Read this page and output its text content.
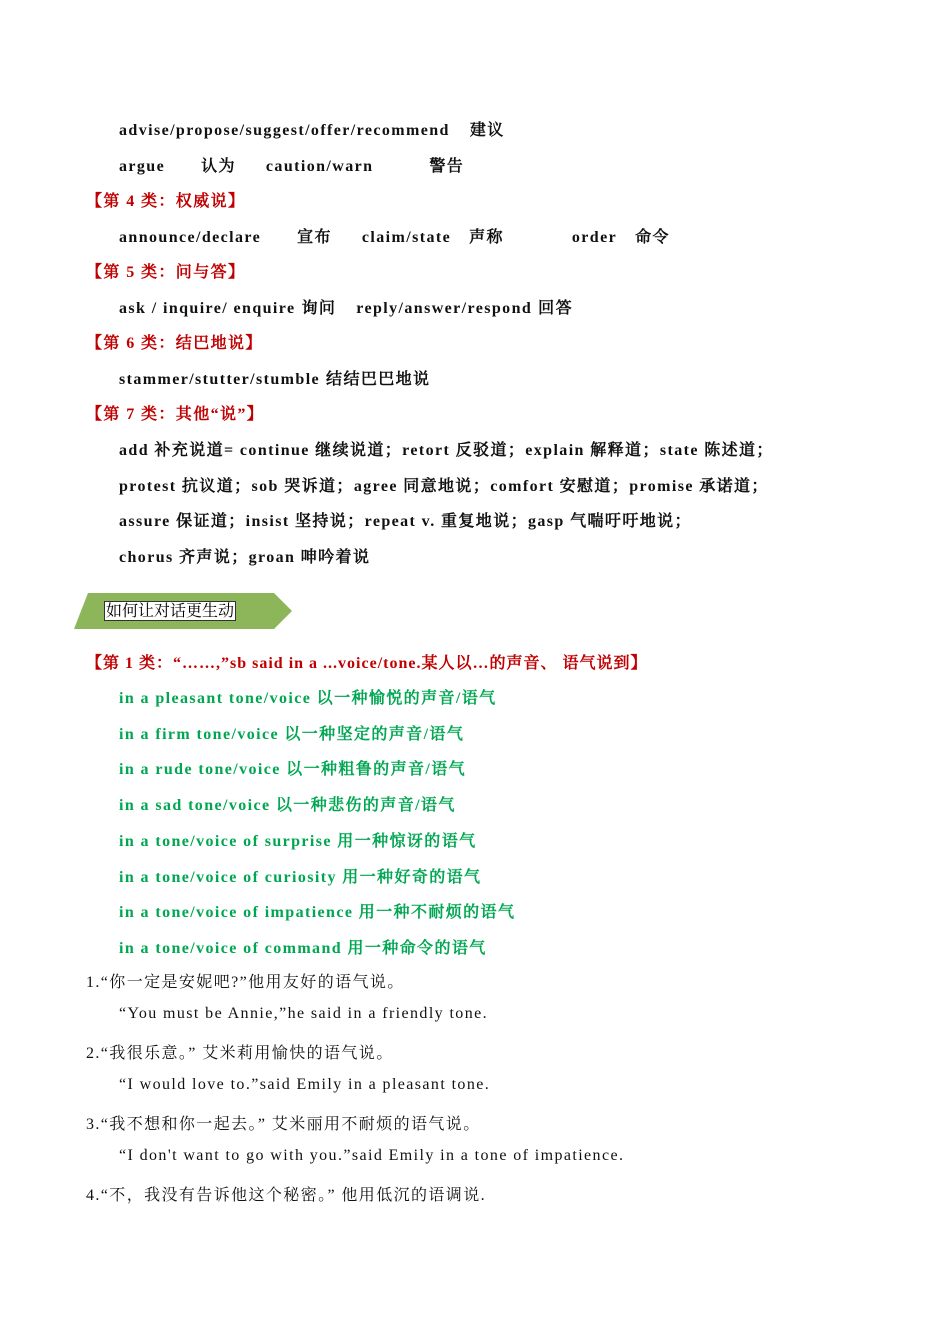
advise/propose/suggest/offer/recommend 建议
argue 认为 caution/warn	警告
【第 4 类：权威说】
announce/declare 宣布 claim/state 声称	order 命令
【第 5 类：问与答】
ask / inquire/ enquire 询问 reply/answer/respond 回答
【第 6 类：结巴地说】
stammer/stutter/stumble 结结巴巴地说
【第 7 类：其他“说”】
add 补充说道= continue 继续说道；retort 反驳道；explain 解释道；state 陈述道；
protest 抗议道；sob 哭诉道；agree 同意地说；comfort 安慰道；promise 承诺道；
assure 保证道；insist 坚持说；repeat v. 重复地说；gasp 气喘吁吁地说；
chorus 齐声说；groan 呻吟着说
如何让对话更生动
【第 1 类：“……,”sb said in a ...voice/tone.某人以…的声音、 语气说到】
in a pleasant tone/voice 以一种愉悦的声音/语气
in a firm tone/voice 以一种坚定的声音/语气
in a rude tone/voice 以一种粗鲁的声音/语气
in a sad tone/voice 以一种悲伤的声音/语气
in a tone/voice of surprise 用一种惊讶的语气
in a tone/voice of curiosity 用一种好奇的语气
in a tone/voice of impatience 用一种不耐烦的语气
in a tone/voice of command 用一种命令的语气
1.“你一定是安妮吧?”他用友好的语气说。
“You must be Annie,”he said in a friendly tone.
2.“我很乐意。” 艾米莉用愉快的语气说。
“I would love to.”said Emily in a pleasant tone.
3.“我不想和你一起去。” 艾米丽用不耐烦的语气说。
“I don't want to go with you.”said Emily in a tone of impatience.
4.“不，我没有告诉他这个秘密。” 他用低沉的语调说.
